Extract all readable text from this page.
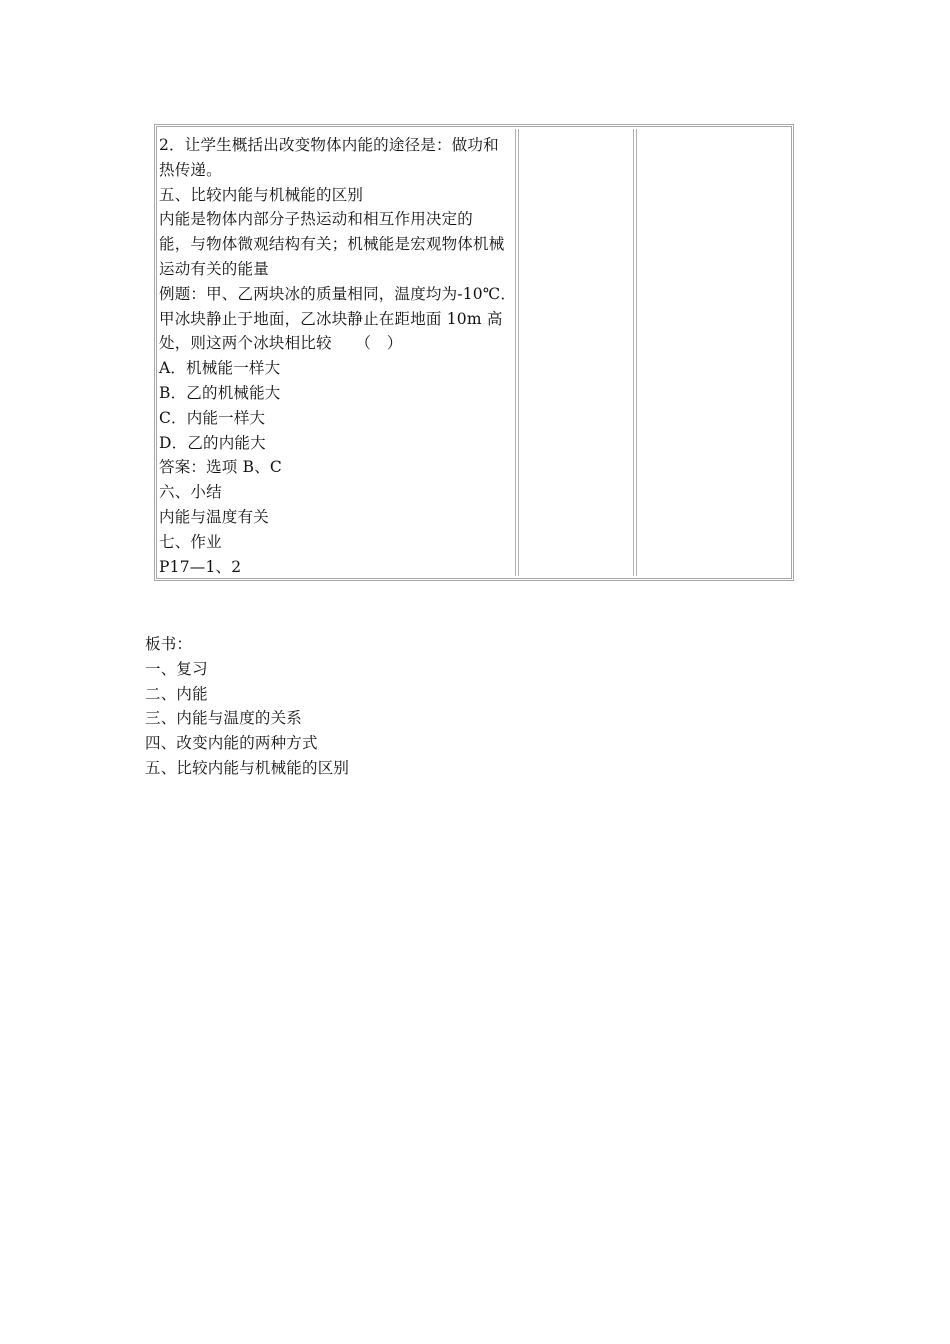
2．让学生概括出改变物体内能的途径是：做功和
热传递。
五、比较内能与机械能的区别
内能是物体内部分子热运动和相互作用决定的
能，与物体微观结构有关；机械能是宏观物体机械
运动有关的能量
例题：甲、乙两块冰的质量相同，温度均为-10℃．
甲冰块静止于地面，乙冰块静止在距地面 10m 高
处，则这两个冰块相比较　　（　）
A．机械能一样大
B．乙的机械能大
C．内能一样大
D．乙的内能大
答案：选项 B、C
六、小结
内能与温度有关
七、作业
P17—1、2
板书：
一、复习
二、内能
三、内能与温度的关系
四、改变内能的两种方式
五、比较内能与机械能的区别
